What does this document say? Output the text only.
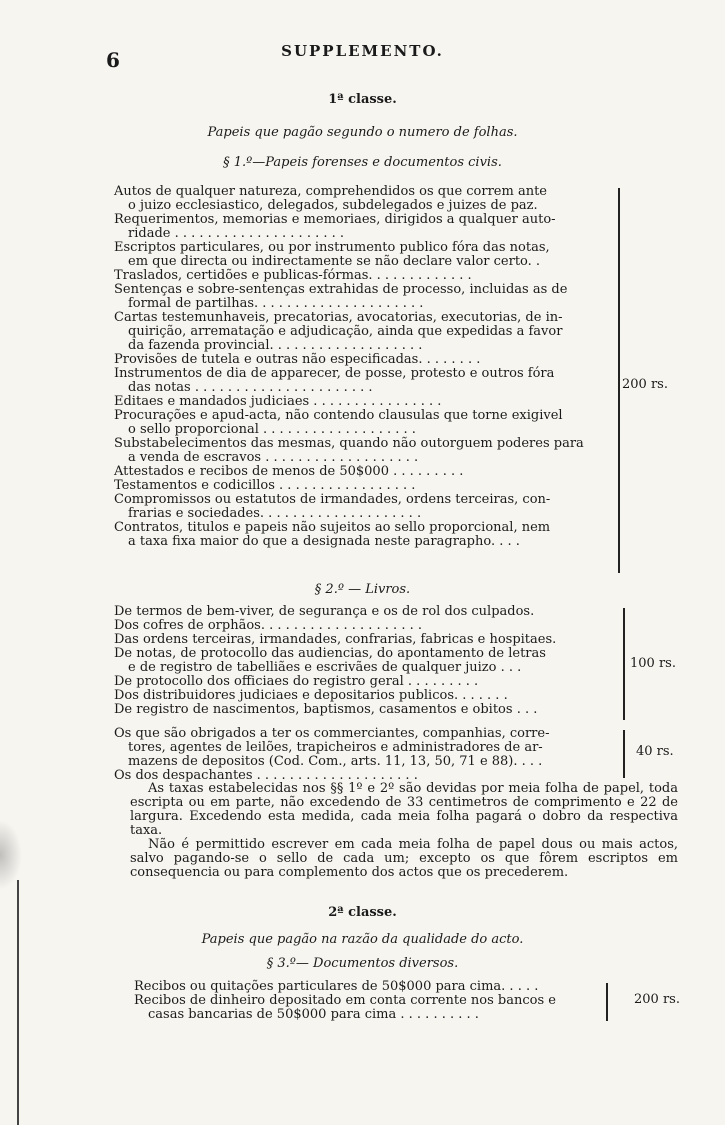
6	SUPPLEMENTO.
1ª classe.
Papeis que pagão segundo o numero de folhas.
§ 1.º—Papeis forenses e documentos civis.

Autos de qualquer natureza, comprehendidos os que correm ante
o juizo ecclesiastico, delegados, subdelegados e juizes de paz.

Requerimentos, memorias e memoriaes, dirigidos a qualquer auto-
ridade . . . . . . . . . . . . . . . . . . . . .

Escriptos particulares, ou por instrumento publico fóra das notas,
em que directa ou indirectamente se não declare valor certo. .

Traslados, certidões e publicas-fórmas. . . . . . . . . . . . .

Sentenças e sobre-sentenças extrahidas de processo, incluidas as de
formal de partilhas. . . . . . . . . . . . . . . . . . . . .

Cartas testemunhaveis, precatorias, avocatorias, executorias, de in-
quirição, arrematação e adjudicação, ainda que expedidas a favor

da fazenda provincial. . . . . . . . . . . . . . . . . . .

Provisões de tutela e outras não especificadas. . . . . . . .

Instrumentos de dia de apparecer, de posse, protesto e outros fóra
das notas . . . . . . . . . . . . . . . . . . . . . .

Editaes e mandados judiciaes . . . . . . . . . . . . . . . .

Procurações e apud-acta, não contendo clausulas que torne exigivel
o sello proporcional . . . . . . . . . . . . . . . . . . .

Substabelecimentos das mesmas, quando não outorguem poderes para
a venda de escravos . . . . . . . . . . . . . . . . . . .

Attestados e recibos de menos de 50$000 . . . . . . . . .

Testamentos e codicillos . . . . . . . . . . . . . . . . .

Compromissos ou estatutos de irmandades, ordens terceiras, con-
frarias e sociedades. . . . . . . . . . . . . . . . . . . .

Contratos, titulos e papeis não sujeitos ao sello proporcional, nem
a taxa fixa maior do que a designada neste paragrapho. . . .

200 rs.
§ 2.º — Livros.

De termos de bem-viver, de segurança e os de rol dos culpados.

Dos cofres de orphãos. . . . . . . . . . . . . . . . . . . .

Das ordens terceiras, irmandades, confrarias, fabricas e hospitaes.

De notas, de protocollo das audiencias, do apontamento de letras
e de registro de tabelliães e escrivães de qualquer juizo . . .

De protocollo dos officiaes do registro geral . . . . . . . . .

Dos distribuidores judiciaes e depositarios publicos. . . . . . .

De registro de nascimentos, baptismos, casamentos e obitos . . .

100 rs.

Os que são obrigados a ter os commerciantes, companhias, corre-
tores, agentes de leilões, trapicheiros e administradores de ar-

mazens de depositos (Cod. Com., arts. 11, 13, 50, 71 e 88). . . .

Os dos despachantes . . . . . . . . . . . . . . . . . . . .

40 rs.

As taxas estabelecidas nos §§ 1º e 2º são devidas por meia folha de papel, toda escripta ou em parte, não excedendo de 33 centimetros de comprimento e 22 de largura. Excedendo esta medida, cada meia folha pagará o dobro da respectiva taxa.

Não é permittido escrever em cada meia folha de papel dous ou mais actos, salvo pagando-se o sello de cada um; excepto os que fôrem escriptos em consequencia ou para complemento dos actos que os precederem.

2ª classe.
Papeis que pagão na razão da qualidade do acto.
§ 3.º— Documentos diversos.

Recibos ou quitações particulares de 50$000 para cima. . . . .

Recibos de dinheiro depositado em conta corrente nos bancos e
casas bancarias de 50$000 para cima . . . . . . . . . .

200 rs.
